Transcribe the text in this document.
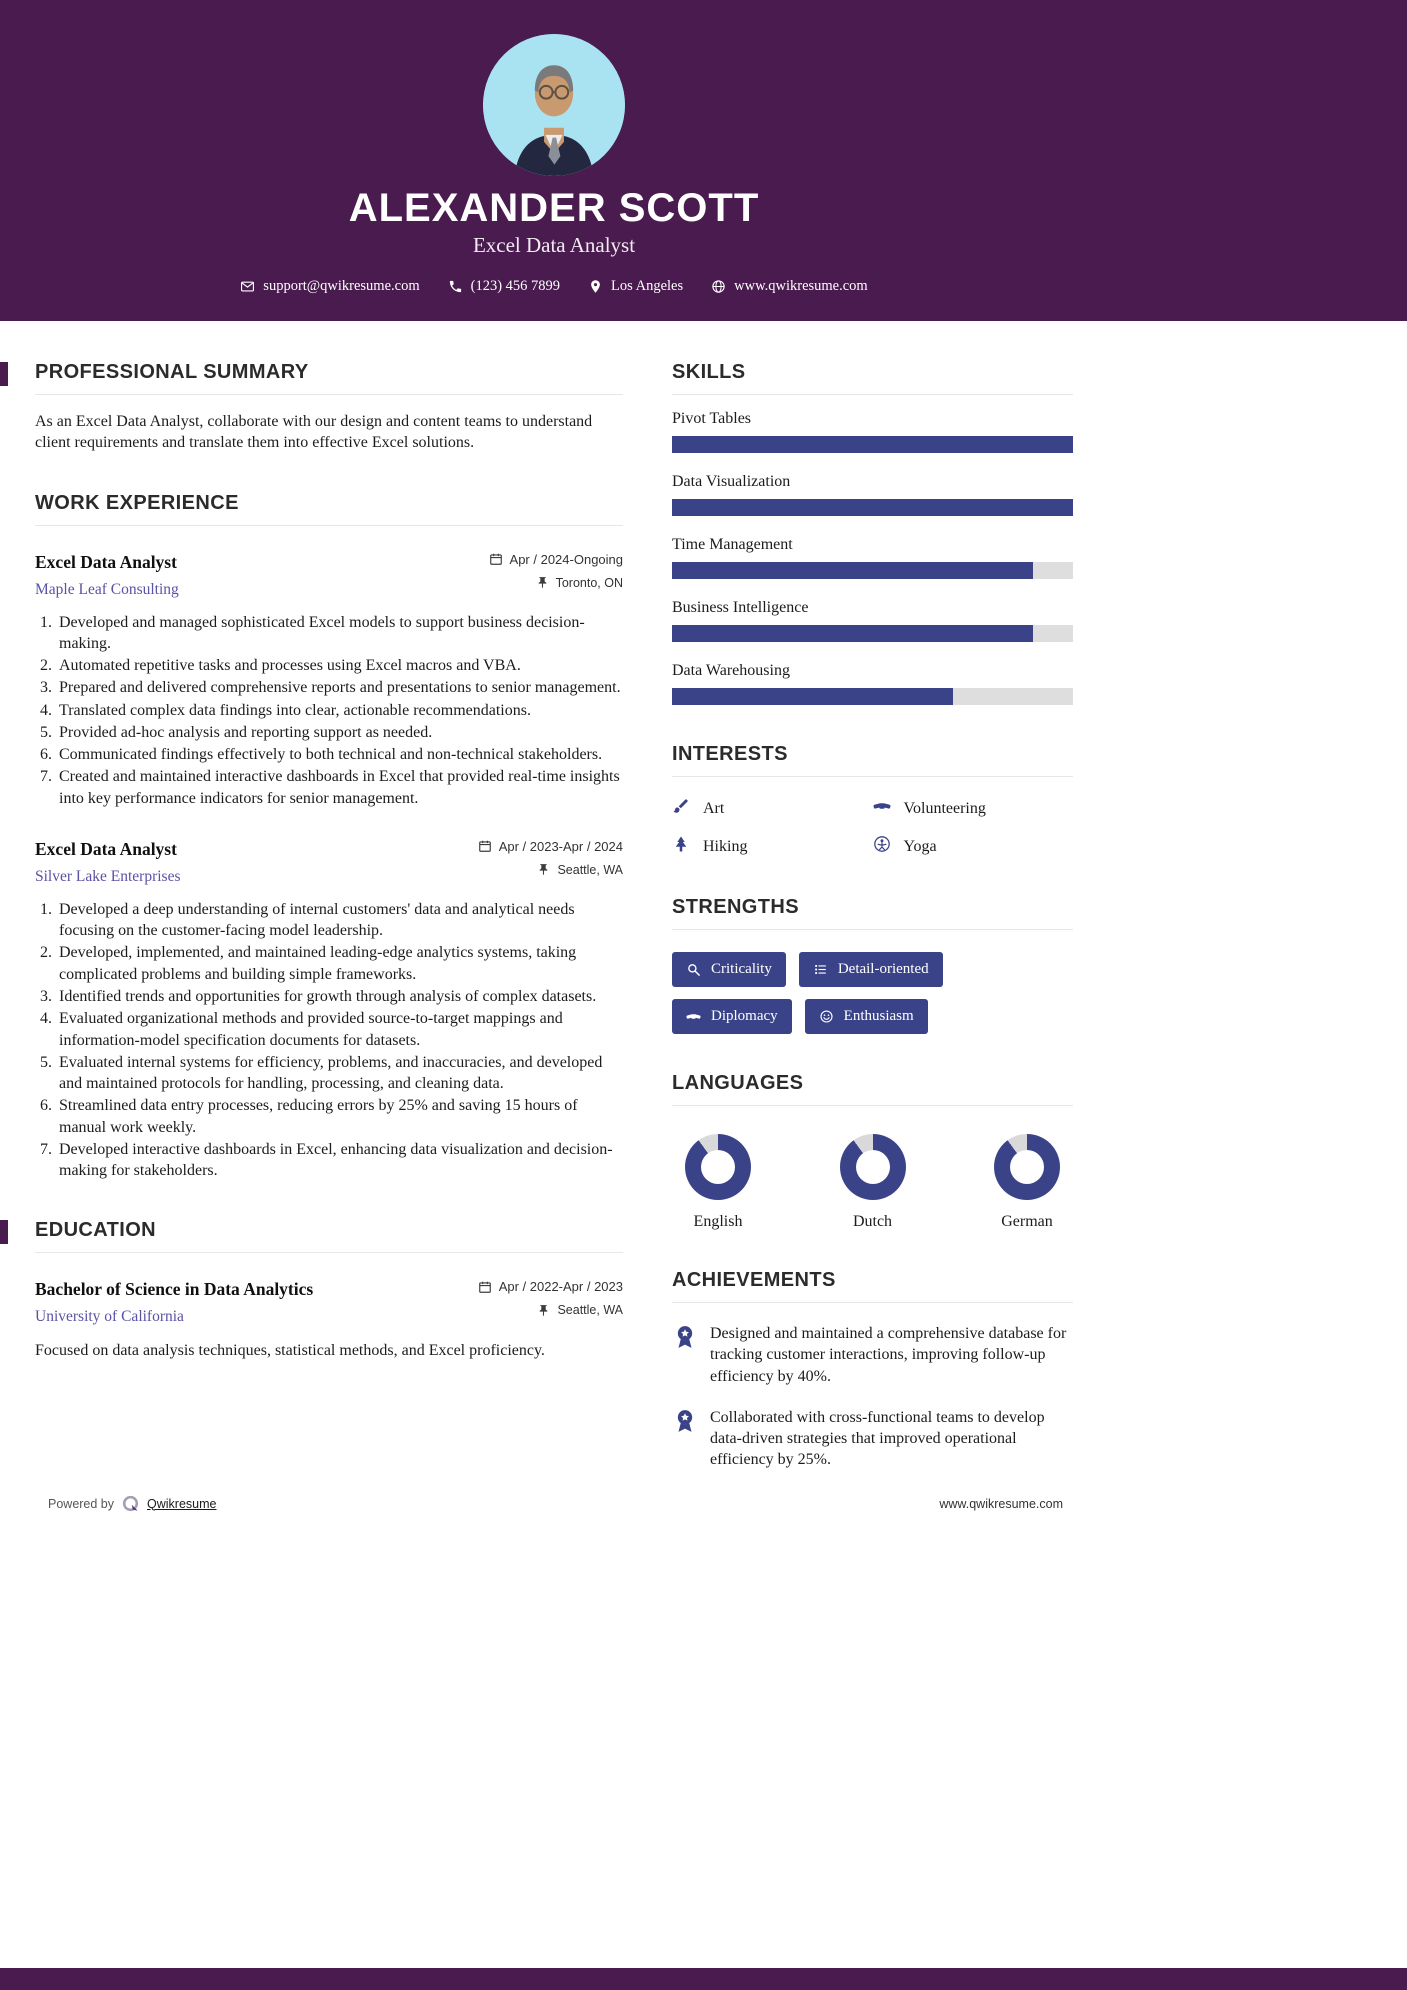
ALEXANDER SCOTT
Excel Data Analyst
support@qwikresume.com	(123) 456 7899	Los Angeles	www.qwikresume.com
PROFESSIONAL SUMMARY

As an Excel Data Analyst, collaborate with our design and content teams to understand client requirements and translate them into effective Excel solutions.

WORK EXPERIENCE
Excel Data Analyst
Maple Leaf Consulting
Apr / 2024-Ongoing
Toronto, ON
1. Developed and managed sophisticated Excel models to support business decision-making.
2. Automated repetitive tasks and processes using Excel macros and VBA.
3. Prepared and delivered comprehensive reports and presentations to senior management.
4. Translated complex data findings into clear, actionable recommendations.
5. Provided ad-hoc analysis and reporting support as needed.
6. Communicated findings effectively to both technical and non-technical stakeholders.
7. Created and maintained interactive dashboards in Excel that provided real-time insights into key performance indicators for senior management.
Excel Data Analyst
Silver Lake Enterprises
Apr / 2023-Apr / 2024
Seattle, WA
1. Developed a deep understanding of internal customers' data and analytical needs focusing on the customer-facing model leadership.
2. Developed, implemented, and maintained leading-edge analytics systems, taking complicated problems and building simple frameworks.
3. Identified trends and opportunities for growth through analysis of complex datasets.
4. Evaluated organizational methods and provided source-to-target mappings and information-model specification documents for datasets.
5. Evaluated internal systems for efficiency, problems, and inaccuracies, and developed and maintained protocols for handling, processing, and cleaning data.
6. Streamlined data entry processes, reducing errors by 25% and saving 15 hours of manual work weekly.
7. Developed interactive dashboards in Excel, enhancing data visualization and decision-making for stakeholders.
EDUCATION
Bachelor of Science in Data Analytics
University of California
Apr / 2022-Apr / 2023
Seattle, WA

Focused on data analysis techniques, statistical methods, and Excel proficiency.

SKILLS
Pivot Tables
Data Visualization
Time Management
Business Intelligence
Data Warehousing
INTERESTS
Art	Volunteering
Hiking	Yoga
STRENGTHS
Criticality	Detail-oriented
Diplomacy	Enthusiasm
LANGUAGES
English	Dutch	German
ACHIEVEMENTS
Designed and maintained a comprehensive database for tracking customer interactions, improving follow-up efficiency by 40%.
Collaborated with cross-functional teams to develop data-driven strategies that improved operational efficiency by 25%.
Powered by	Qwikresume	www.qwikresume.com
